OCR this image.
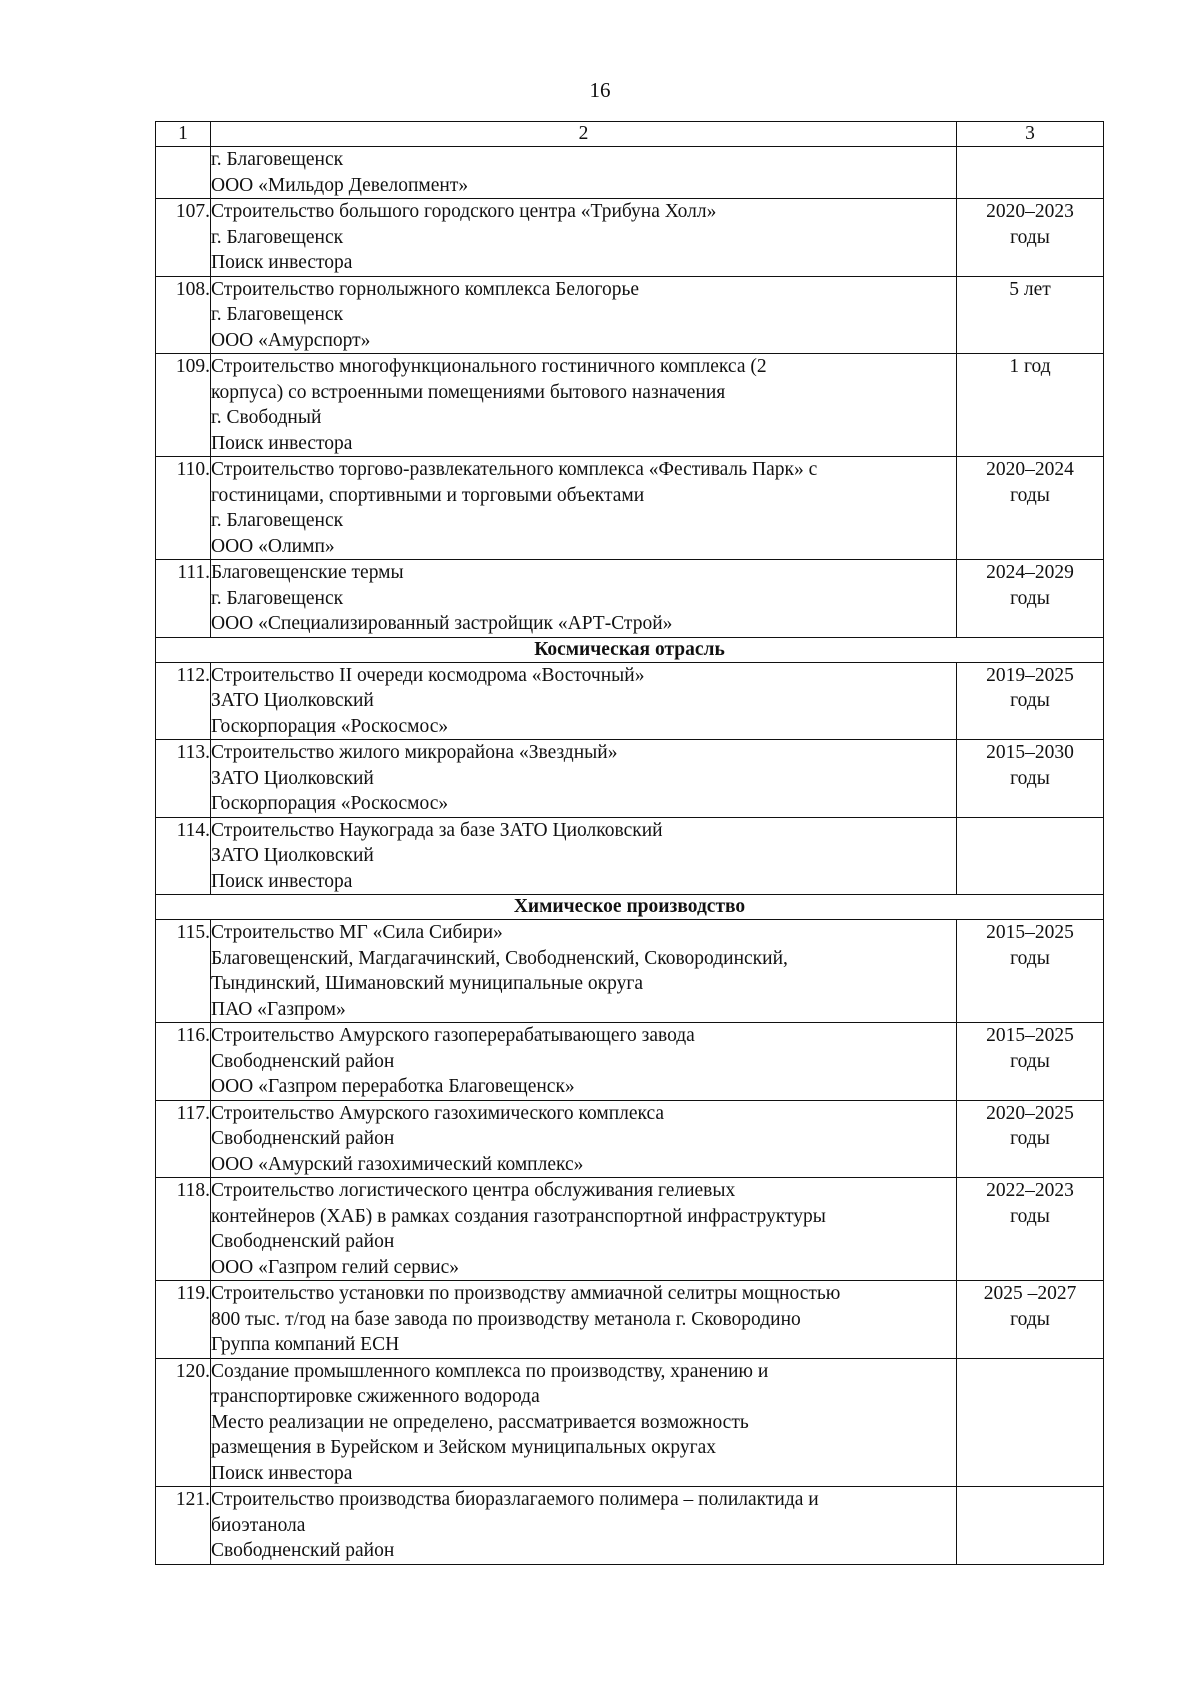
16
1	2	3

	г. Благовещенск
ООО «Мильдор Девелопмент»	

107.	Строительство большого городского центра «Трибуна Холл»
г. Благовещенск
Поиск инвестора	2020–2023
годы

108.	Строительство горнолыжного комплекса Белогорье
г. Благовещенск
ООО «Амурспорт»	5 лет

109.	Строительство многофункционального гостиничного комплекса (2
корпуса) со встроенными помещениями бытового назначения
г. Свободный
Поиск инвестора	1 год

110.	Строительство торгово-развлекательного комплекса «Фестиваль Парк» с
гостиницами, спортивными и торговыми объектами
г. Благовещенск
ООО «Олимп»	2020–2024
годы

111.	Благовещенские термы
г. Благовещенск
ООО «Специализированный застройщик «АРТ-Строй»	2024–2029
годы

Космическая отрасль		
112.	Строительство II очереди космодрома «Восточный»
ЗАТО Циолковский
Госкорпорация «Роскосмос»	2019–2025
годы

113.	Строительство жилого микрорайона «Звездный»
ЗАТО Циолковский
Госкорпорация «Роскосмос»	2015–2030
годы

114.	Строительство Наукограда за базе ЗАТО Циолковский
ЗАТО Циолковский
Поиск инвестора	

Химическое производство		
115.	Строительство МГ «Сила Сибири»
Благовещенский, Магдагачинский, Свободненский, Сковородинский,
Тындинский, Шимановский муниципальные округа
ПАО «Газпром»	2015–2025
годы

116.	Строительство Амурского газоперерабатывающего завода
Свободненский район
ООО «Газпром переработка Благовещенск»	2015–2025
годы

117.	Строительство Амурского газохимического комплекса
Свободненский район
ООО «Амурский газохимический комплекс»	2020–2025
годы

118.	Строительство логистического центра обслуживания гелиевых
контейнеров (ХАБ) в рамках создания газотранспортной инфраструктуры
Свободненский район
ООО «Газпром гелий сервис»	2022–2023
годы

119.	Строительство установки по производству аммиачной селитры мощностью
800 тыс. т/год на базе завода по производству метанола г. Сковородино
Группа компаний ЕСН	2025 –2027
годы

120.	Создание промышленного комплекса по производству, хранению и
транспортировке сжиженного водорода
Место реализации не определено, рассматривается возможность
размещения в Бурейском и Зейском муниципальных округах
Поиск инвестора	

121.	Строительство производства биоразлагаемого полимера – полилактида и
биоэтанола
Свободненский район	
